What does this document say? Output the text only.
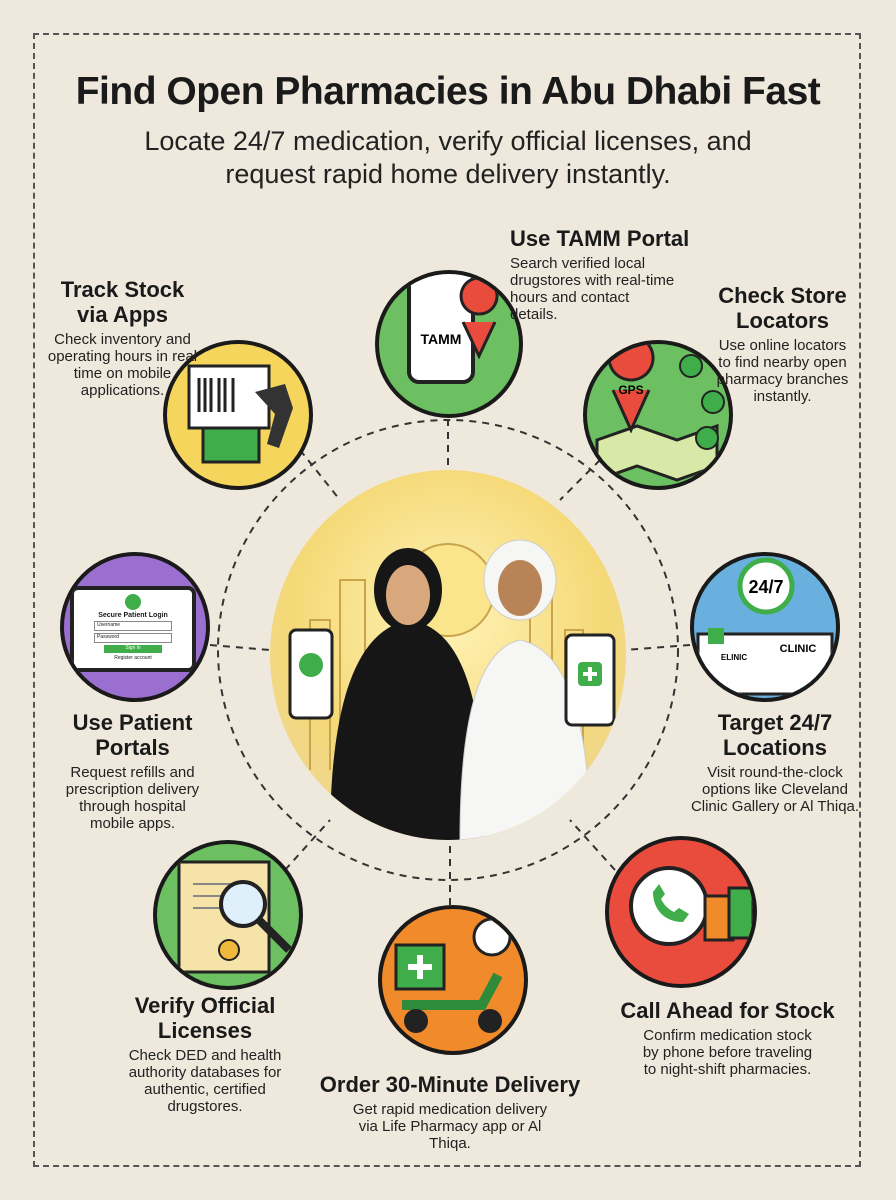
Find Open Pharmacies in Abu Dhabi Fast
Locate 24/7 medication, verify official licenses, and
request rapid home delivery instantly.
TAMM
Use TAMM Portal
Search verified local drugstores with real-time hours and contact details.
Track Stock
via Apps
Check inventory and operating hours in real time on mobile applications.	GPS
Check Store
Locators
Use online locators to find nearby open pharmacy branches instantly.
Secure Patient Login
Username
Password
Sign in
Register account
Use Patient
Portals
Request refills and prescription delivery through hospital mobile apps.
24/7
CLINIC
ELINIC
Target 24/7
Locations
Visit round-the-clock options like Cleveland Clinic Gallery or Al Thiqa.
Verify Official
Licenses
Check DED and health authority databases for authentic, certified drugstores.
Order 30-Minute Delivery
Get rapid medication delivery via Life Pharmacy app or Al Thiqa.
Call Ahead for Stock
Confirm medication stock by phone before traveling to night-shift pharmacies.
